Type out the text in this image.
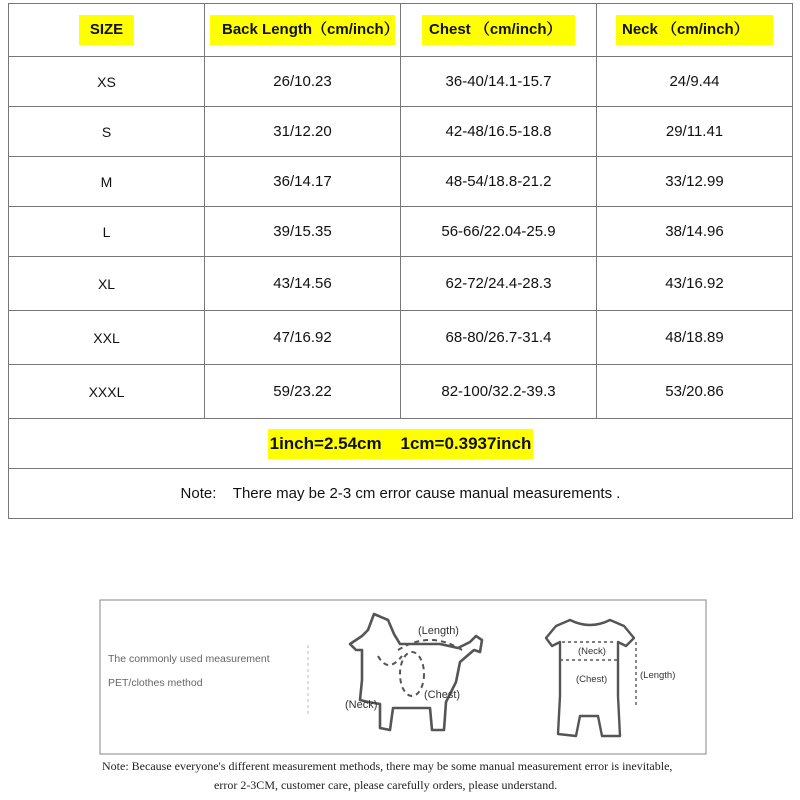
SIZE	Back Length（cm/inch）	Chest （cm/inch）	Neck （cm/inch）
XS	26/10.23	36-40/14.1-15.7	24/9.44
S	31/12.20	42-48/16.5-18.8	29/11.41
M	36/14.17	48-54/18.8-21.2	33/12.99
L	39/15.35	56-66/22.04-25.9	38/14.96
XL	43/14.56	62-72/24.4-28.3	43/16.92
XXL	47/16.92	68-80/26.7-31.4	48/18.89
XXXL	59/23.22	82-100/32.2-39.3	53/20.86
1inch=2.54cm    1cm=0.3937inch			
Note:    There may be 2-3 cm error cause manual measurements .			
The commonly used measurement
PET/clothes method
(Length)
(Neck)
(Chest)
(Neck)
(Chest)	(Length)
Note: Because everyone's different measurement methods, there may be some manual measurement error is inevitable,
error 2-3CM, customer care, please carefully orders, please understand.
